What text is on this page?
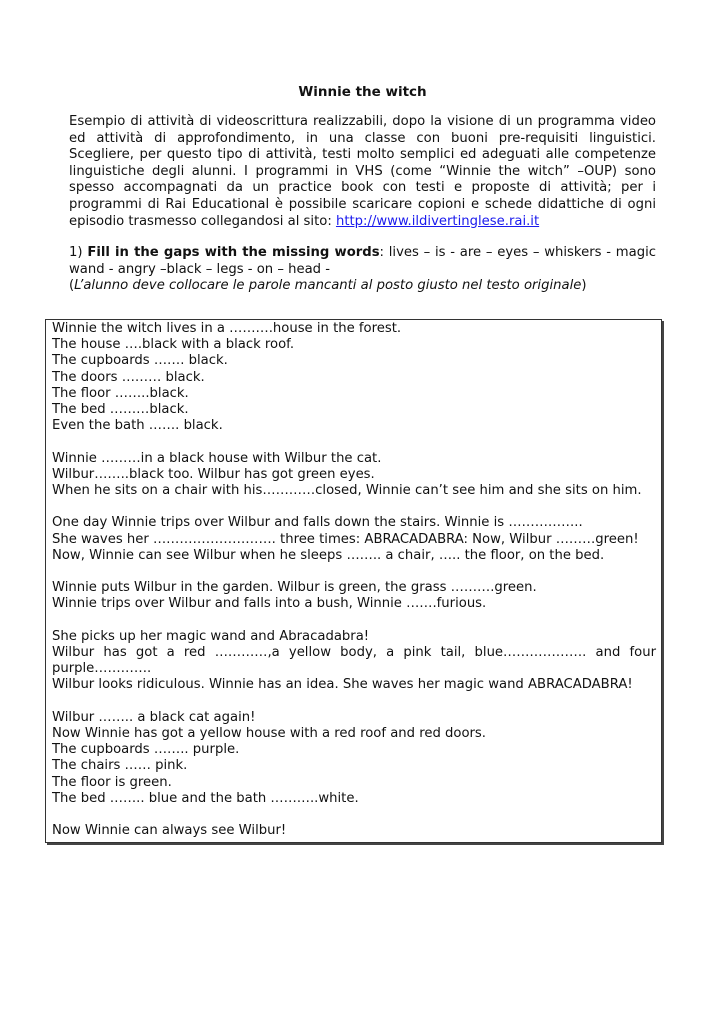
Winnie the witch
Esempio di attività di videoscrittura realizzabili, dopo la visione di un programma video ed attività di approfondimento, in una classe con buoni pre-requisiti linguistici. Scegliere, per questo tipo di attività, testi molto semplici ed adeguati alle competenze linguistiche degli alunni. I programmi in VHS (come “Winnie the witch” –OUP) sono spesso accompagnati da un practice book con testi e proposte di attività; per i programmi di Rai Educational è possibile scaricare copioni e schede didattiche di ogni episodio trasmesso collegandosi al sito: http://www.ildivertinglese.rai.it
1) Fill in the gaps with the missing words: lives – is - are – eyes – whiskers - magic wand - angry –black – legs - on – head -
(L’alunno deve collocare le parole mancanti al posto giusto nel testo originale)

Winnie the witch lives in a ……….house in the forest.

The house ….black with a black roof.

The cupboards ……. black.

The doors ……… black.

The floor ……..black.

The bed ………black.

Even the bath ……. black.

Winnie ………in a black house with Wilbur the cat.

Wilbur……..black too. Wilbur has got green eyes.

When he sits on a chair with his…………closed, Winnie can’t see him and she sits on him.

One day Winnie trips over Wilbur and falls down the stairs. Winnie is ……………..

She waves her ………………………. three times: ABRACADABRA: Now, Wilbur ………green!

Now, Winnie can see Wilbur when he sleeps …….. a chair, ….. the floor, on the bed.

Winnie puts Wilbur in the garden. Wilbur is green, the grass ……….green.

Winnie trips over Wilbur and falls into a bush, Winnie …….furious.

She picks up her magic wand and Abracadabra!

Wilbur has got a red …………,a yellow body, a pink tail, blue………………. and four

purple………….

Wilbur looks ridiculous. Winnie has an idea. She waves her magic wand ABRACADABRA!

Wilbur …….. a black cat again!

Now Winnie has got a yellow house with a red roof and red doors.

The cupboards …….. purple.

The chairs …… pink.

The floor is green.

The bed …….. blue and the bath ………..white.

Now Winnie can always see Wilbur!
